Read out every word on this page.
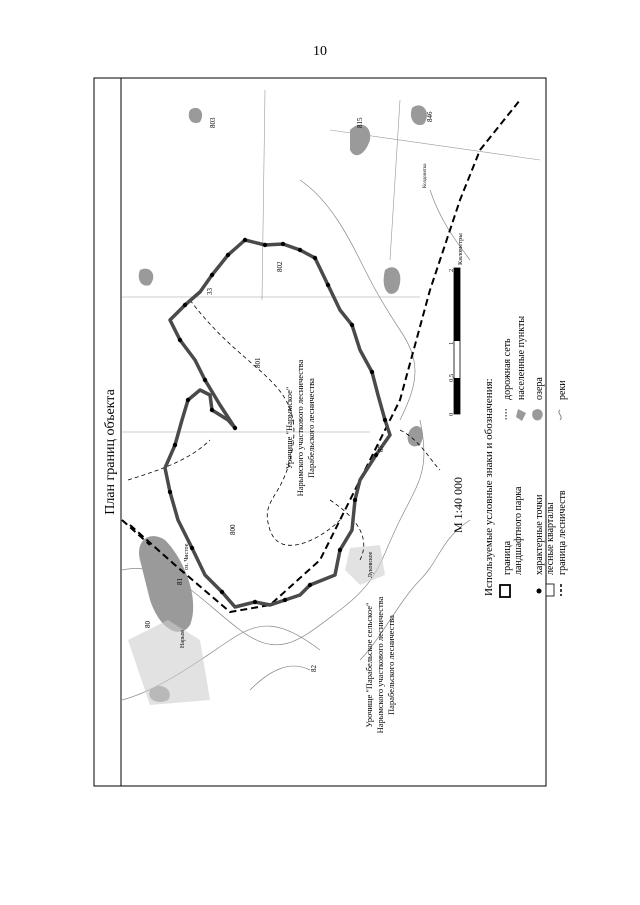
10
План границ объекта
803	815
802
801
800
81
80
82
87
33
846
оз. Чистое
Нарым
Луковское
Колдовятка
Урочище "Нарымское" Нарымского участкового лесничества Парабельского лесничества
Урочище "Парабельское сельское" Нарымского участкового лесничества Парабельского лесничества
0
0,5
1
2
Километры
М 1:40 000 Используемые условные знаки и обозначения: граница ландшафтного парка характерные точки лесные кварталы граница лесничеств
дорожная сеть населенные пункты озера реки
